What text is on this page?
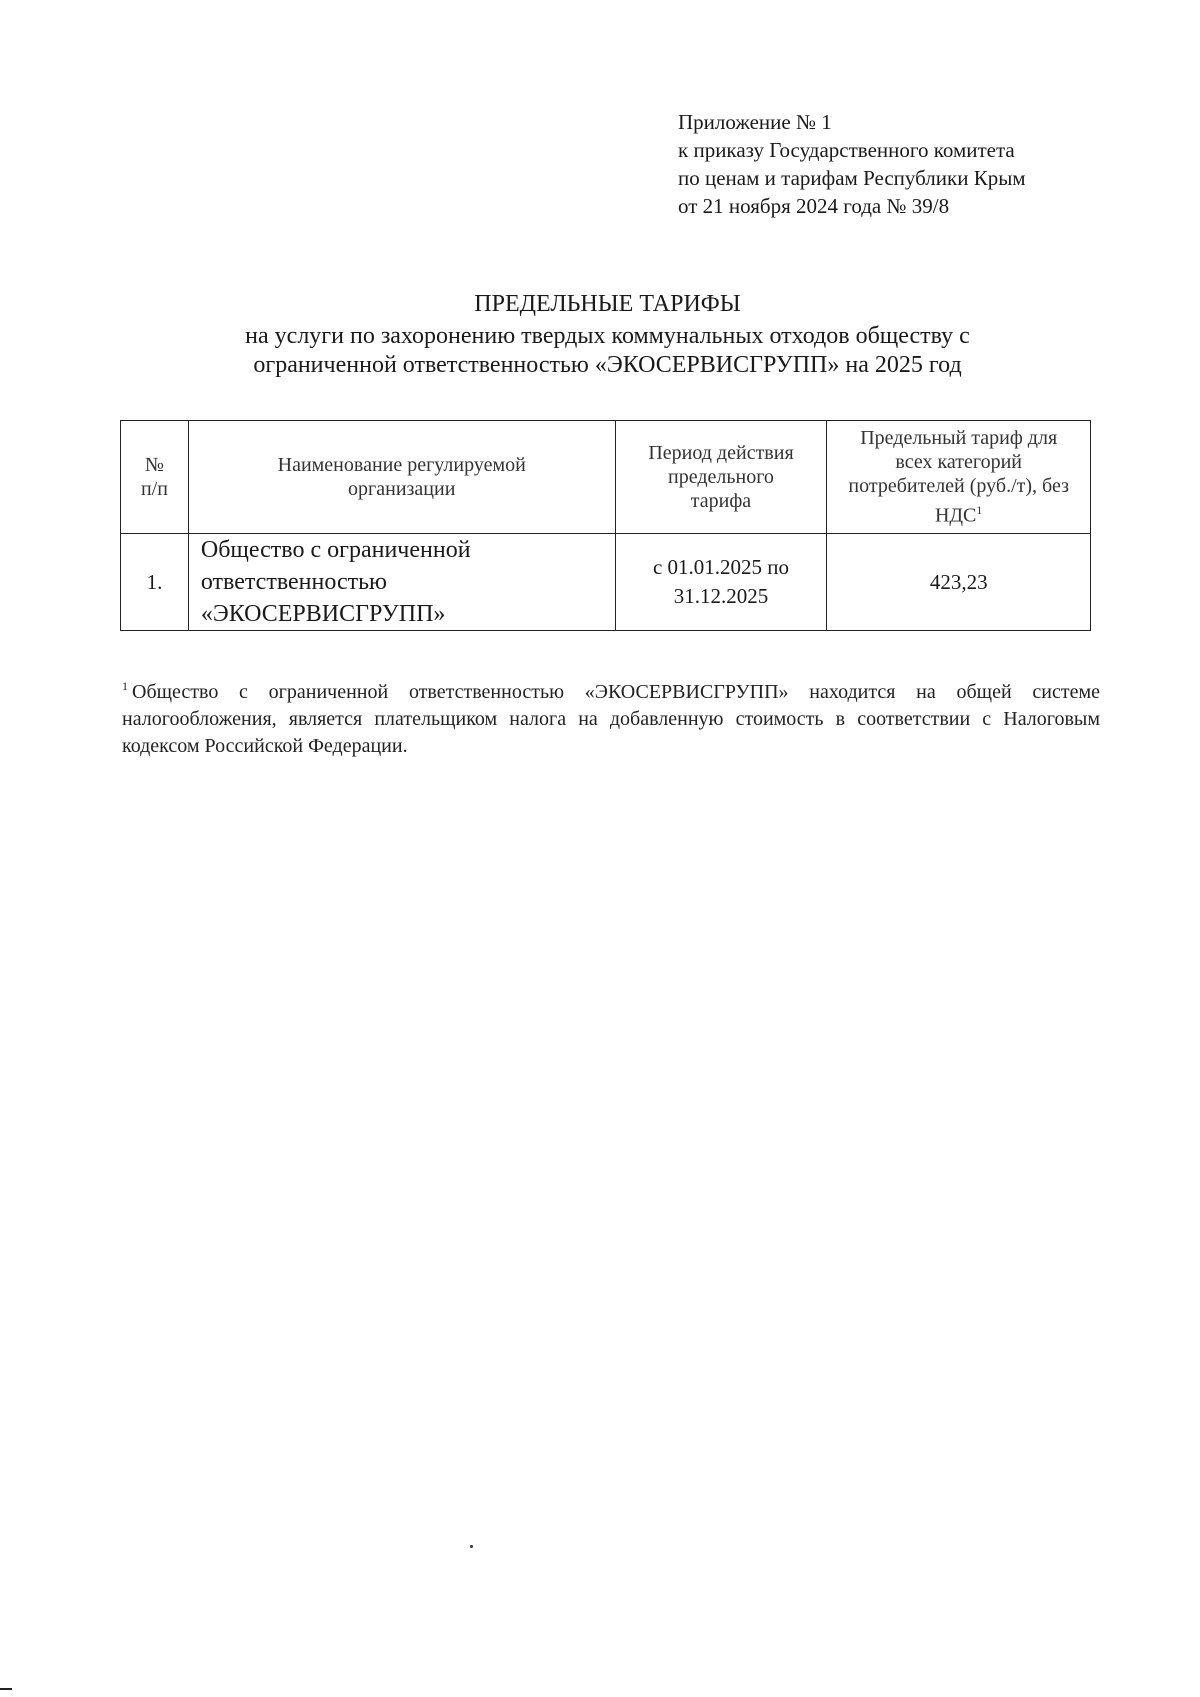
Приложение № 1
к приказу Государственного комитета
по ценам и тарифам Республики Крым
от 21 ноября 2024 года № 39/8
ПРЕДЕЛЬНЫЕ ТАРИФЫ
на услуги по захоронению твердых коммунальных отходов обществу с
ограниченной ответственностью «ЭКОСЕРВИСГРУПП» на 2025 год
№
п/п	Наименование регулируемой организации	Период действия предельного тарифа	Предельный тариф для всех категорий потребителей (руб./т), без НДС$^1$
1.	Общество с ограниченной ответственностью «ЭКОСЕРВИСГРУПП»	с 01.01.2025 по 31.12.2025	423,23
$^1$ Общество с ограниченной ответственностью «ЭКОСЕРВИСГРУПП» находится на общей системе налогообложения, является плательщиком налога на добавленную стоимость в соответствии с Налоговым кодексом Российской Федерации.
